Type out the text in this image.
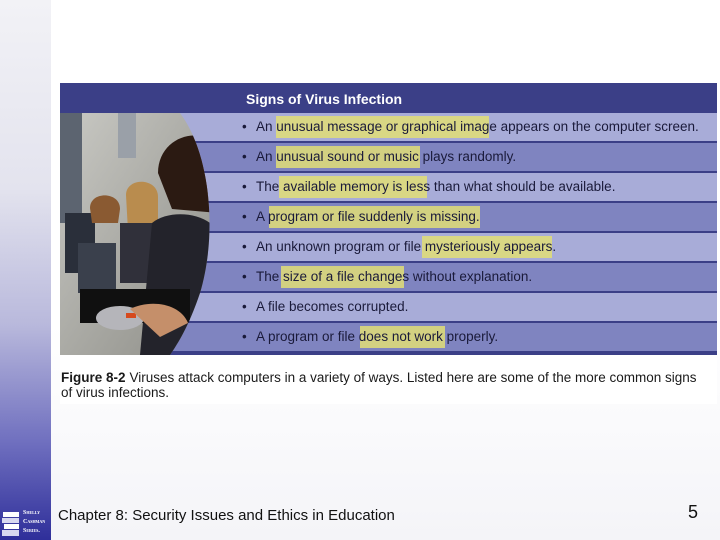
Shelly
Cashman
Series.
Signs of Virus Infection
• An unusual message or graphical image appears on the computer screen.
• An unusual sound or music plays randomly.
• The available memory is less than what should be available.
• A program or file suddenly is missing.
• An unknown program or file mysteriously appears.
• The size of a file changes without explanation.
• A file becomes corrupted.
• A program or file does not work properly.
Figure 8-2 Viruses attack computers in a variety of ways. Listed here are some of the more common signs of virus infections.
Chapter 8: Security Issues and Ethics in Education	5
